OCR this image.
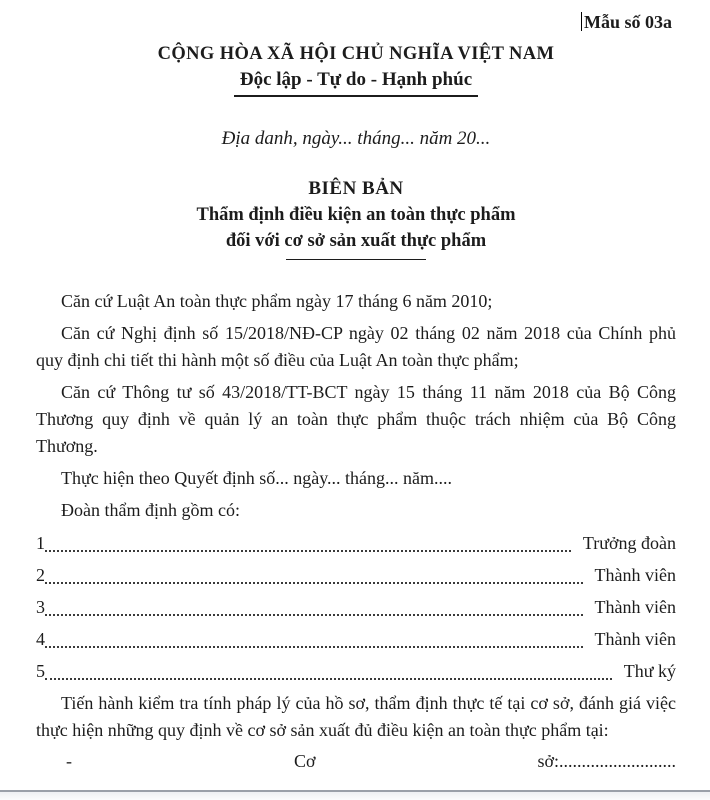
Mẫu số 03a
CỘNG HÒA XÃ HỘI CHỦ NGHĨA VIỆT NAM
Độc lập - Tự do - Hạnh phúc
Địa danh, ngày... tháng... năm 20...
BIÊN BẢN
Thẩm định điều kiện an toàn thực phẩm
đối với cơ sở sản xuất thực phẩm

Căn cứ Luật An toàn thực phẩm ngày 17 tháng 6 năm 2010;

Căn cứ Nghị định số 15/2018/NĐ-CP ngày 02 tháng 02 năm 2018 của Chính phủ quy định chi tiết thi hành một số điều của Luật An toàn thực phẩm;

Căn cứ Thông tư số 43/2018/TT-BCT ngày 15 tháng 11 năm 2018 của Bộ Công Thương quy định về quản lý an toàn thực phẩm thuộc trách nhiệm của Bộ Công Thương.

Thực hiện theo Quyết định số... ngày... tháng... năm....

Đoàn thẩm định gồm có:

1	Trưởng đoàn
2	Thành viên
3	Thành viên
4	Thành viên
5	Thư ký

Tiến hành kiểm tra tính pháp lý của hồ sơ, thẩm định thực tế tại cơ sở, đánh giá việc thực hiện những quy định về cơ sở sản xuất đủ điều kiện an toàn thực phẩm tại:

-	Cơ	sở:..........................
